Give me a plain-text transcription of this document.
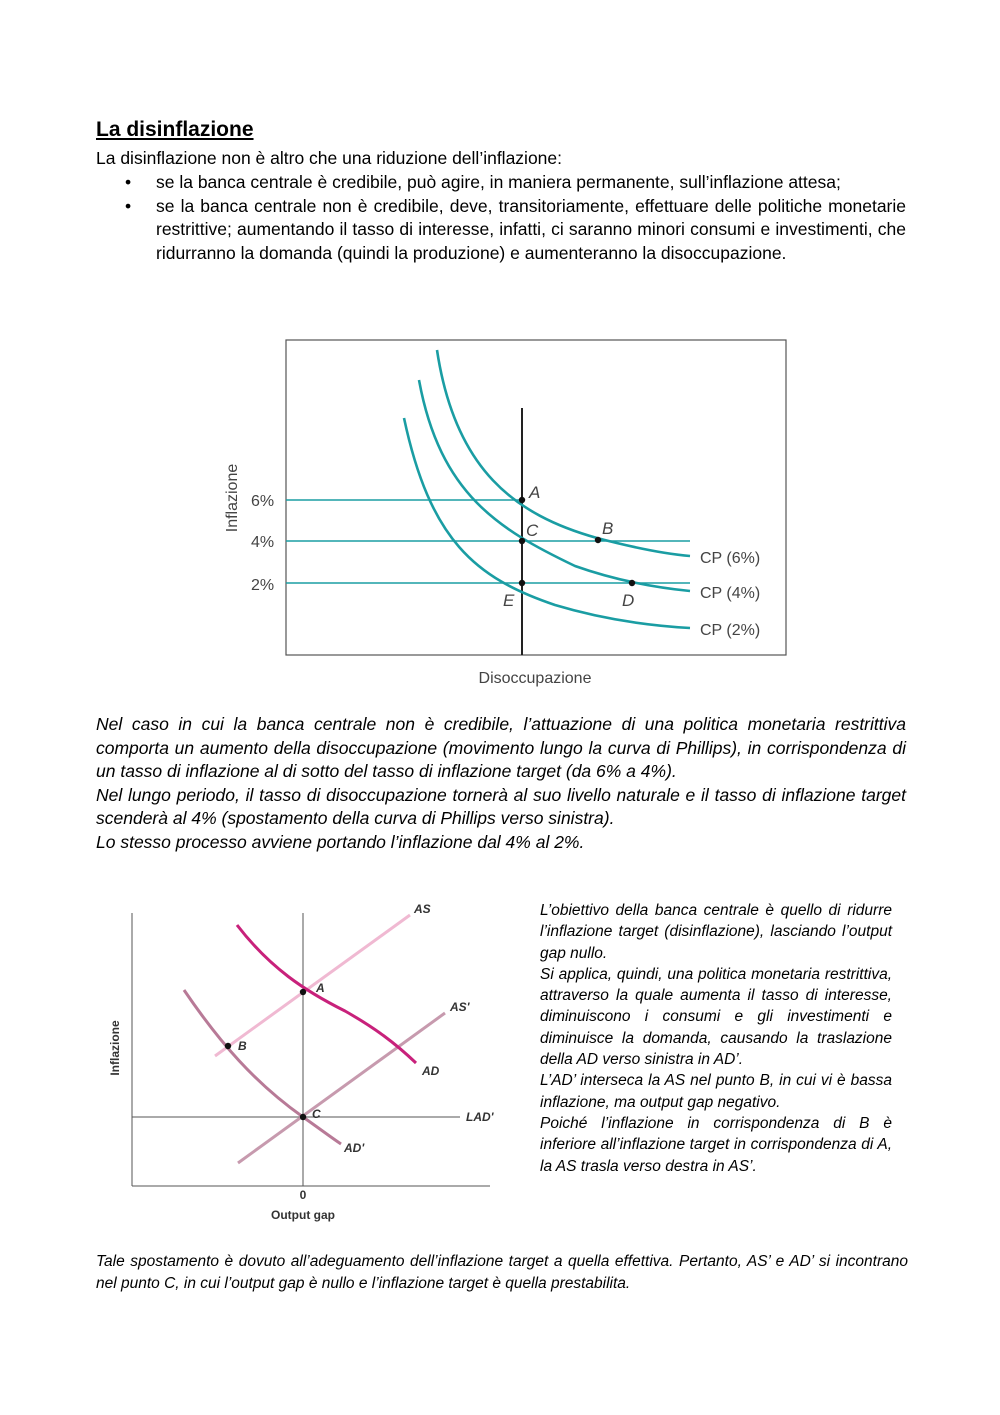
La disinflazione

La disinflazione non è altro che una riduzione dell’inflazione:

• se la banca centrale è credibile, può agire, in maniera permanente, sull’inflazione attesa;
• se la banca centrale non è credibile, deve, transitoriamente, effettuare delle politiche monetarie restrittive; aumentando il tasso di interesse, infatti, ci saranno minori consumi e investimenti, che ridurranno la domanda (quindi la produzione) e aumenteranno la disoccupazione.
A
B
C
D
E
6%
4%
2%
CP (6%)
CP (4%)
CP (2%)
Inflazione
Disoccupazione

Nel caso in cui la banca centrale non è credibile, l’attuazione di una politica monetaria restrittiva comporta un aumento della disoccupazione (movimento lungo la curva di Phillips), in corrispondenza di un tasso di inflazione al di sotto del tasso di inflazione target (da 6% a 4%).

Nel lungo periodo, il tasso di disoccupazione tornerà al suo livello naturale e il tasso di inflazione target scenderà al 4% (spostamento della curva di Phillips verso sinistra).

Lo stesso processo avviene portando l’inflazione dal 4% al 2%.

A
B
C
AS
AS'
AD
AD'
LAD'
0
Output gap
Inflazione

L’obiettivo della banca centrale è quello di ridurre l’inflazione target (disinflazione), lasciando l’output gap nullo.

Si applica, quindi, una politica monetaria restrittiva, attraverso la quale aumenta il tasso di interesse, diminuiscono i consumi e gli investimenti e diminuisce la domanda, causando la traslazione della AD verso sinistra in AD’.

L’AD’ interseca la AS nel punto B, in cui vi è bassa inflazione, ma output gap negativo.

Poiché l’inflazione in corrispondenza di B è inferiore all’inflazione target in corrispondenza di A, la AS trasla verso destra in AS’.

Tale spostamento è dovuto all’adeguamento dell’inflazione target a quella effettiva. Pertanto, AS’ e AD’ si incontrano nel punto C, in cui l’output gap è nullo e l’inflazione target è quella prestabilita.
